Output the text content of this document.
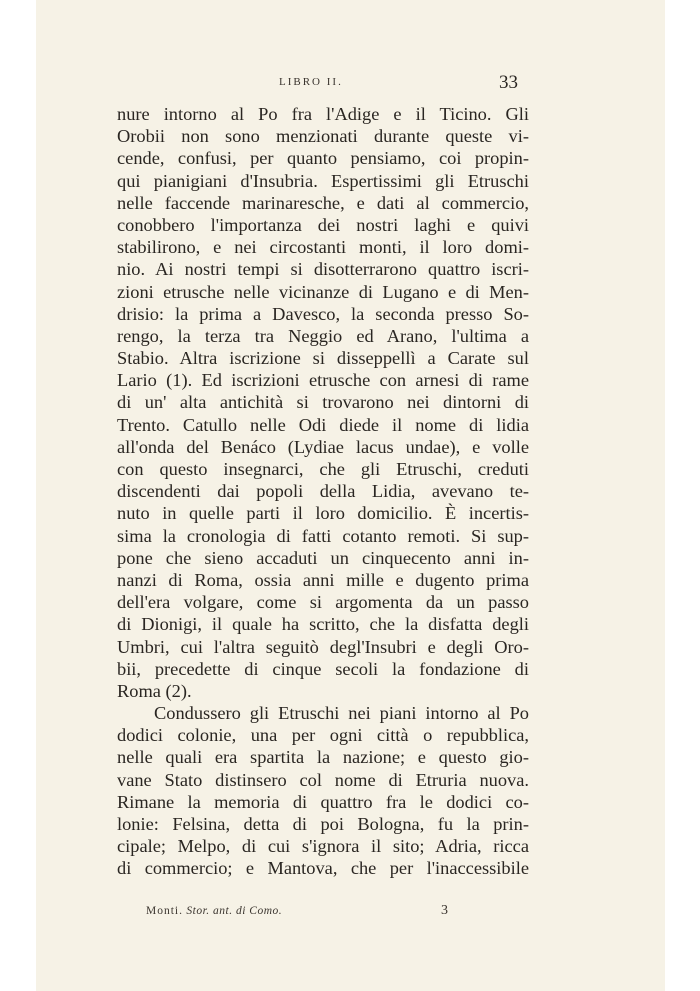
LIBRO II.	33
nure intorno al Po fra l'Adige e il Ticino. Gli
Orobii non sono menzionati durante queste vi-
cende, confusi, per quanto pensiamo, coi propin-
qui pianigiani d'Insubria. Espertissimi gli Etruschi
nelle faccende marinaresche, e dati al commercio,
conobbero l'importanza dei nostri laghi e quivi
stabilirono, e nei circostanti monti, il loro domi-
nio. Ai nostri tempi si disotterrarono quattro iscri-
zioni etrusche nelle vicinanze di Lugano e di Men-
drisio: la prima a Davesco, la seconda presso So-
rengo, la terza tra Neggio ed Arano, l'ultima a
Stabio. Altra iscrizione si disseppellì a Carate sul
Lario (1). Ed iscrizioni etrusche con arnesi di rame
di un' alta antichità si trovarono nei dintorni di
Trento. Catullo nelle Odi diede il nome di lidia
all'onda del Benáco (Lydiae lacus undae), e volle
con questo insegnarci, che gli Etruschi, creduti
discendenti dai popoli della Lidia, avevano te-
nuto in quelle parti il loro domicilio. È incertis-
sima la cronologia di fatti cotanto remoti. Si sup-
pone che sieno accaduti un cinquecento anni in-
nanzi di Roma, ossia anni mille e dugento prima
dell'era volgare, come si argomenta da un passo
di Dionigi, il quale ha scritto, che la disfatta degli
Umbri, cui l'altra seguitò degl'Insubri e degli Oro-
bii, precedette di cinque secoli la fondazione di
Roma (2).
Condussero gli Etruschi nei piani intorno al Po
dodici colonie, una per ogni città o repubblica,
nelle quali era spartita la nazione; e questo gio-
vane Stato distinsero col nome di Etruria nuova.
Rimane la memoria di quattro fra le dodici co-
lonie: Felsina, detta di poi Bologna, fu la prin-
cipale; Melpo, di cui s'ignora il sito; Adria, ricca
di commercio; e Mantova, che per l'inaccessibile
Monti. Stor. ant. di Como.	3
